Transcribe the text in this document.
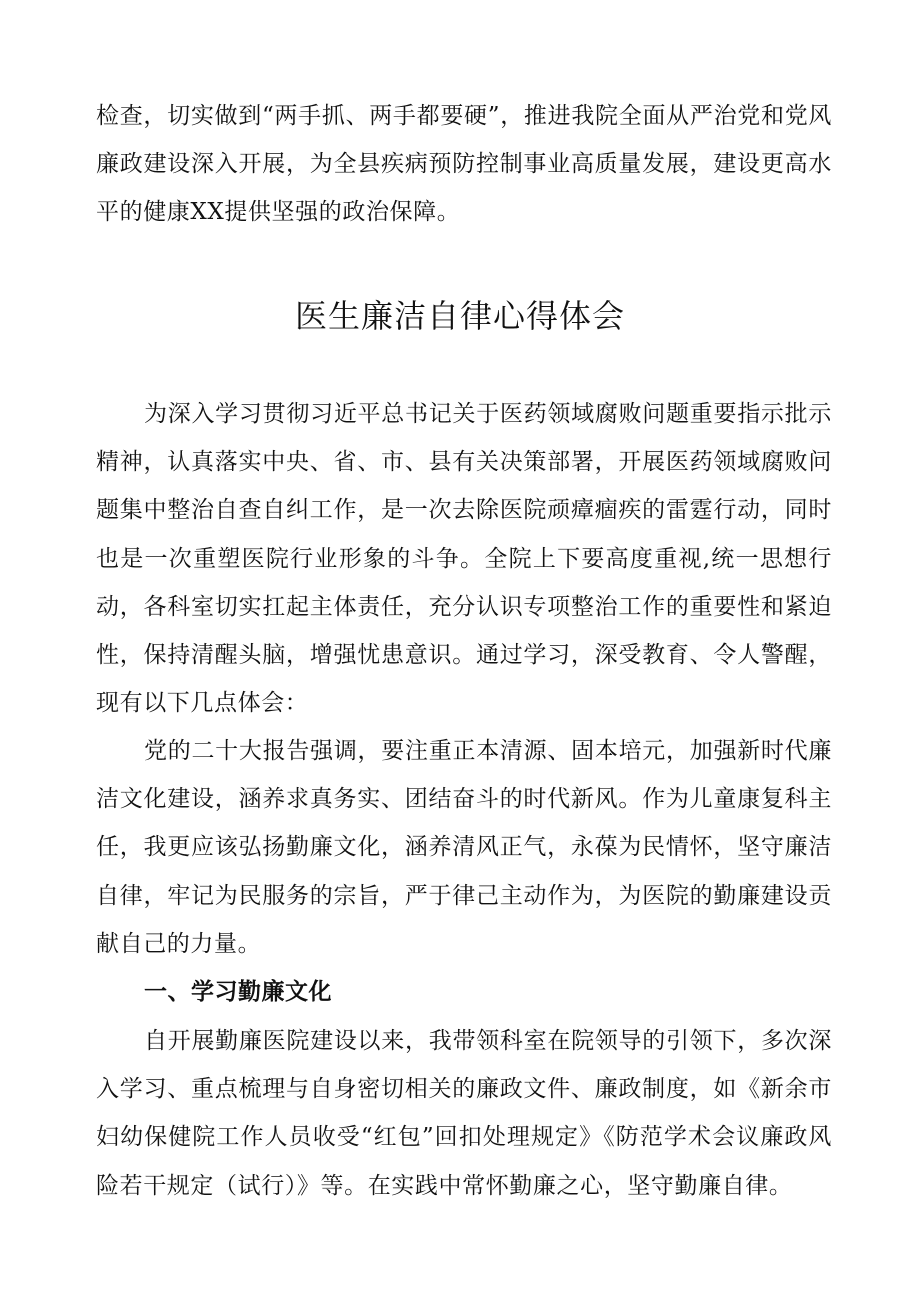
检查，切实做到“两手抓、两手都要硬”，推进我院全面从严治党和党风廉政建设深入开展，为全县疾病预防控制事业高质量发展，建设更高水平的健康XX提供坚强的政治保障。

医生廉洁自律心得体会

为深入学习贯彻习近平总书记关于医药领域腐败问题重要指示批示精神，认真落实中央、省、市、县有关决策部署，开展医药领域腐败问题集中整治自查自纠工作，是一次去除医院顽瘴痼疾的雷霆行动，同时也是一次重塑医院行业形象的斗争。全院上下要高度重视,统一思想行动，各科室切实扛起主体责任，充分认识专项整治工作的重要性和紧迫性，保持清醒头脑，增强忧患意识。通过学习，深受教育、令人警醒，现有以下几点体会：

党的二十大报告强调，要注重正本清源、固本培元，加强新时代廉洁文化建设，涵养求真务实、团结奋斗的时代新风。作为儿童康复科主任，我更应该弘扬勤廉文化，涵养清风正气，永葆为民情怀，坚守廉洁自律，牢记为民服务的宗旨，严于律己主动作为，为医院的勤廉建设贡献自己的力量。

一、学习勤廉文化

自开展勤廉医院建设以来，我带领科室在院领导的引领下，多次深入学习、重点梳理与自身密切相关的廉政文件、廉政制度，如《新余市妇幼保健院工作人员收受“红包”回扣处理规定》《防范学术会议廉政风险若干规定（试行）》等。在实践中常怀勤廉之心，坚守勤廉自律。
